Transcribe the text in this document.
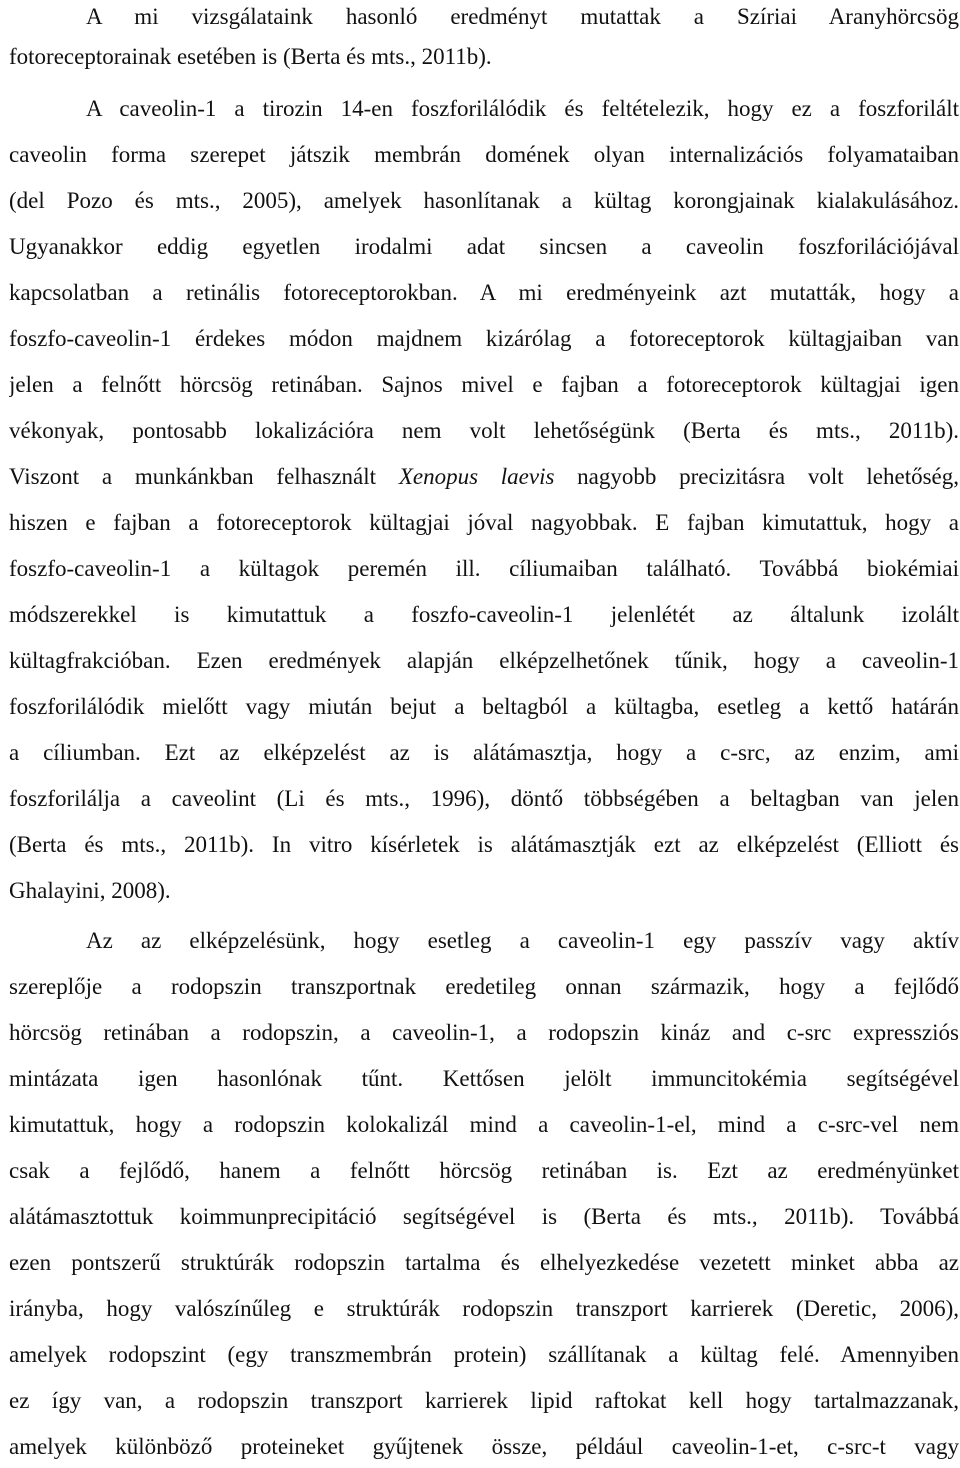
A mi vizsgálataink hasonló eredményt mutattak a Szíriai Aranyhörcsög
fotoreceptorainak esetében is (Berta és mts., 2011b).
A caveolin-1 a tirozin 14-en foszforilálódik és feltételezik, hogy ez a foszforilált
caveolin forma szerepet játszik membrán domének olyan internalizációs folyamataiban
(del Pozo és mts., 2005), amelyek hasonlítanak a kültag korongjainak kialakulásához.
Ugyanakkor eddig egyetlen irodalmi adat sincsen a caveolin foszforilációjával
kapcsolatban a retinális fotoreceptorokban. A mi eredményeink azt mutatták, hogy a
foszfo-caveolin-1 érdekes módon majdnem kizárólag a fotoreceptorok kültagjaiban van
jelen a felnőtt hörcsög retinában. Sajnos mivel e fajban a fotoreceptorok kültagjai igen
vékonyak, pontosabb lokalizációra nem volt lehetőségünk (Berta és mts., 2011b).
Viszont a munkánkban felhasznált Xenopus laevis nagyobb precizitásra volt lehetőség,
hiszen e fajban a fotoreceptorok kültagjai jóval nagyobbak. E fajban kimutattuk, hogy a
foszfo-caveolin-1 a kültagok peremén ill. cíliumaiban található. Továbbá biokémiai
módszerekkel is kimutattuk a foszfo-caveolin-1 jelenlétét az általunk izolált
kültagfrakcióban. Ezen eredmények alapján elképzelhetőnek tűnik, hogy a caveolin-1
foszforilálódik mielőtt vagy miután bejut a beltagból a kültagba, esetleg a kettő határán
a cíliumban. Ezt az elképzelést az is alátámasztja, hogy a c-src, az enzim, ami
foszforilálja a caveolint (Li és mts., 1996), döntő többségében a beltagban van jelen
(Berta és mts., 2011b). In vitro kísérletek is alátámasztják ezt az elképzelést (Elliott és
Ghalayini, 2008).
Az az elképzelésünk, hogy esetleg a caveolin-1 egy passzív vagy aktív
szereplője a rodopszin transzportnak eredetileg onnan származik, hogy a fejlődő
hörcsög retinában a rodopszin, a caveolin-1, a rodopszin kináz and c-src expressziós
mintázata igen hasonlónak tűnt. Kettősen jelölt immuncitokémia segítségével
kimutattuk, hogy a rodopszin kolokalizál mind a caveolin-1-el, mind a c-src-vel nem
csak a fejlődő, hanem a felnőtt hörcsög retinában is. Ezt az eredményünket
alátámasztottuk koimmunprecipitáció segítségével is (Berta és mts., 2011b). Továbbá
ezen pontszerű struktúrák rodopszin tartalma és elhelyezkedése vezetett minket abba az
irányba, hogy valószínűleg e struktúrák rodopszin transzport karrierek (Deretic, 2006),
amelyek rodopszint (egy transzmembrán protein) szállítanak a kültag felé. Amennyiben
ez így van, a rodopszin transzport karrierek lipid raftokat kell hogy tartalmazzanak,
amelyek különböző proteineket gyűjtenek össze, például caveolin-1-et, c-src-t vagy
